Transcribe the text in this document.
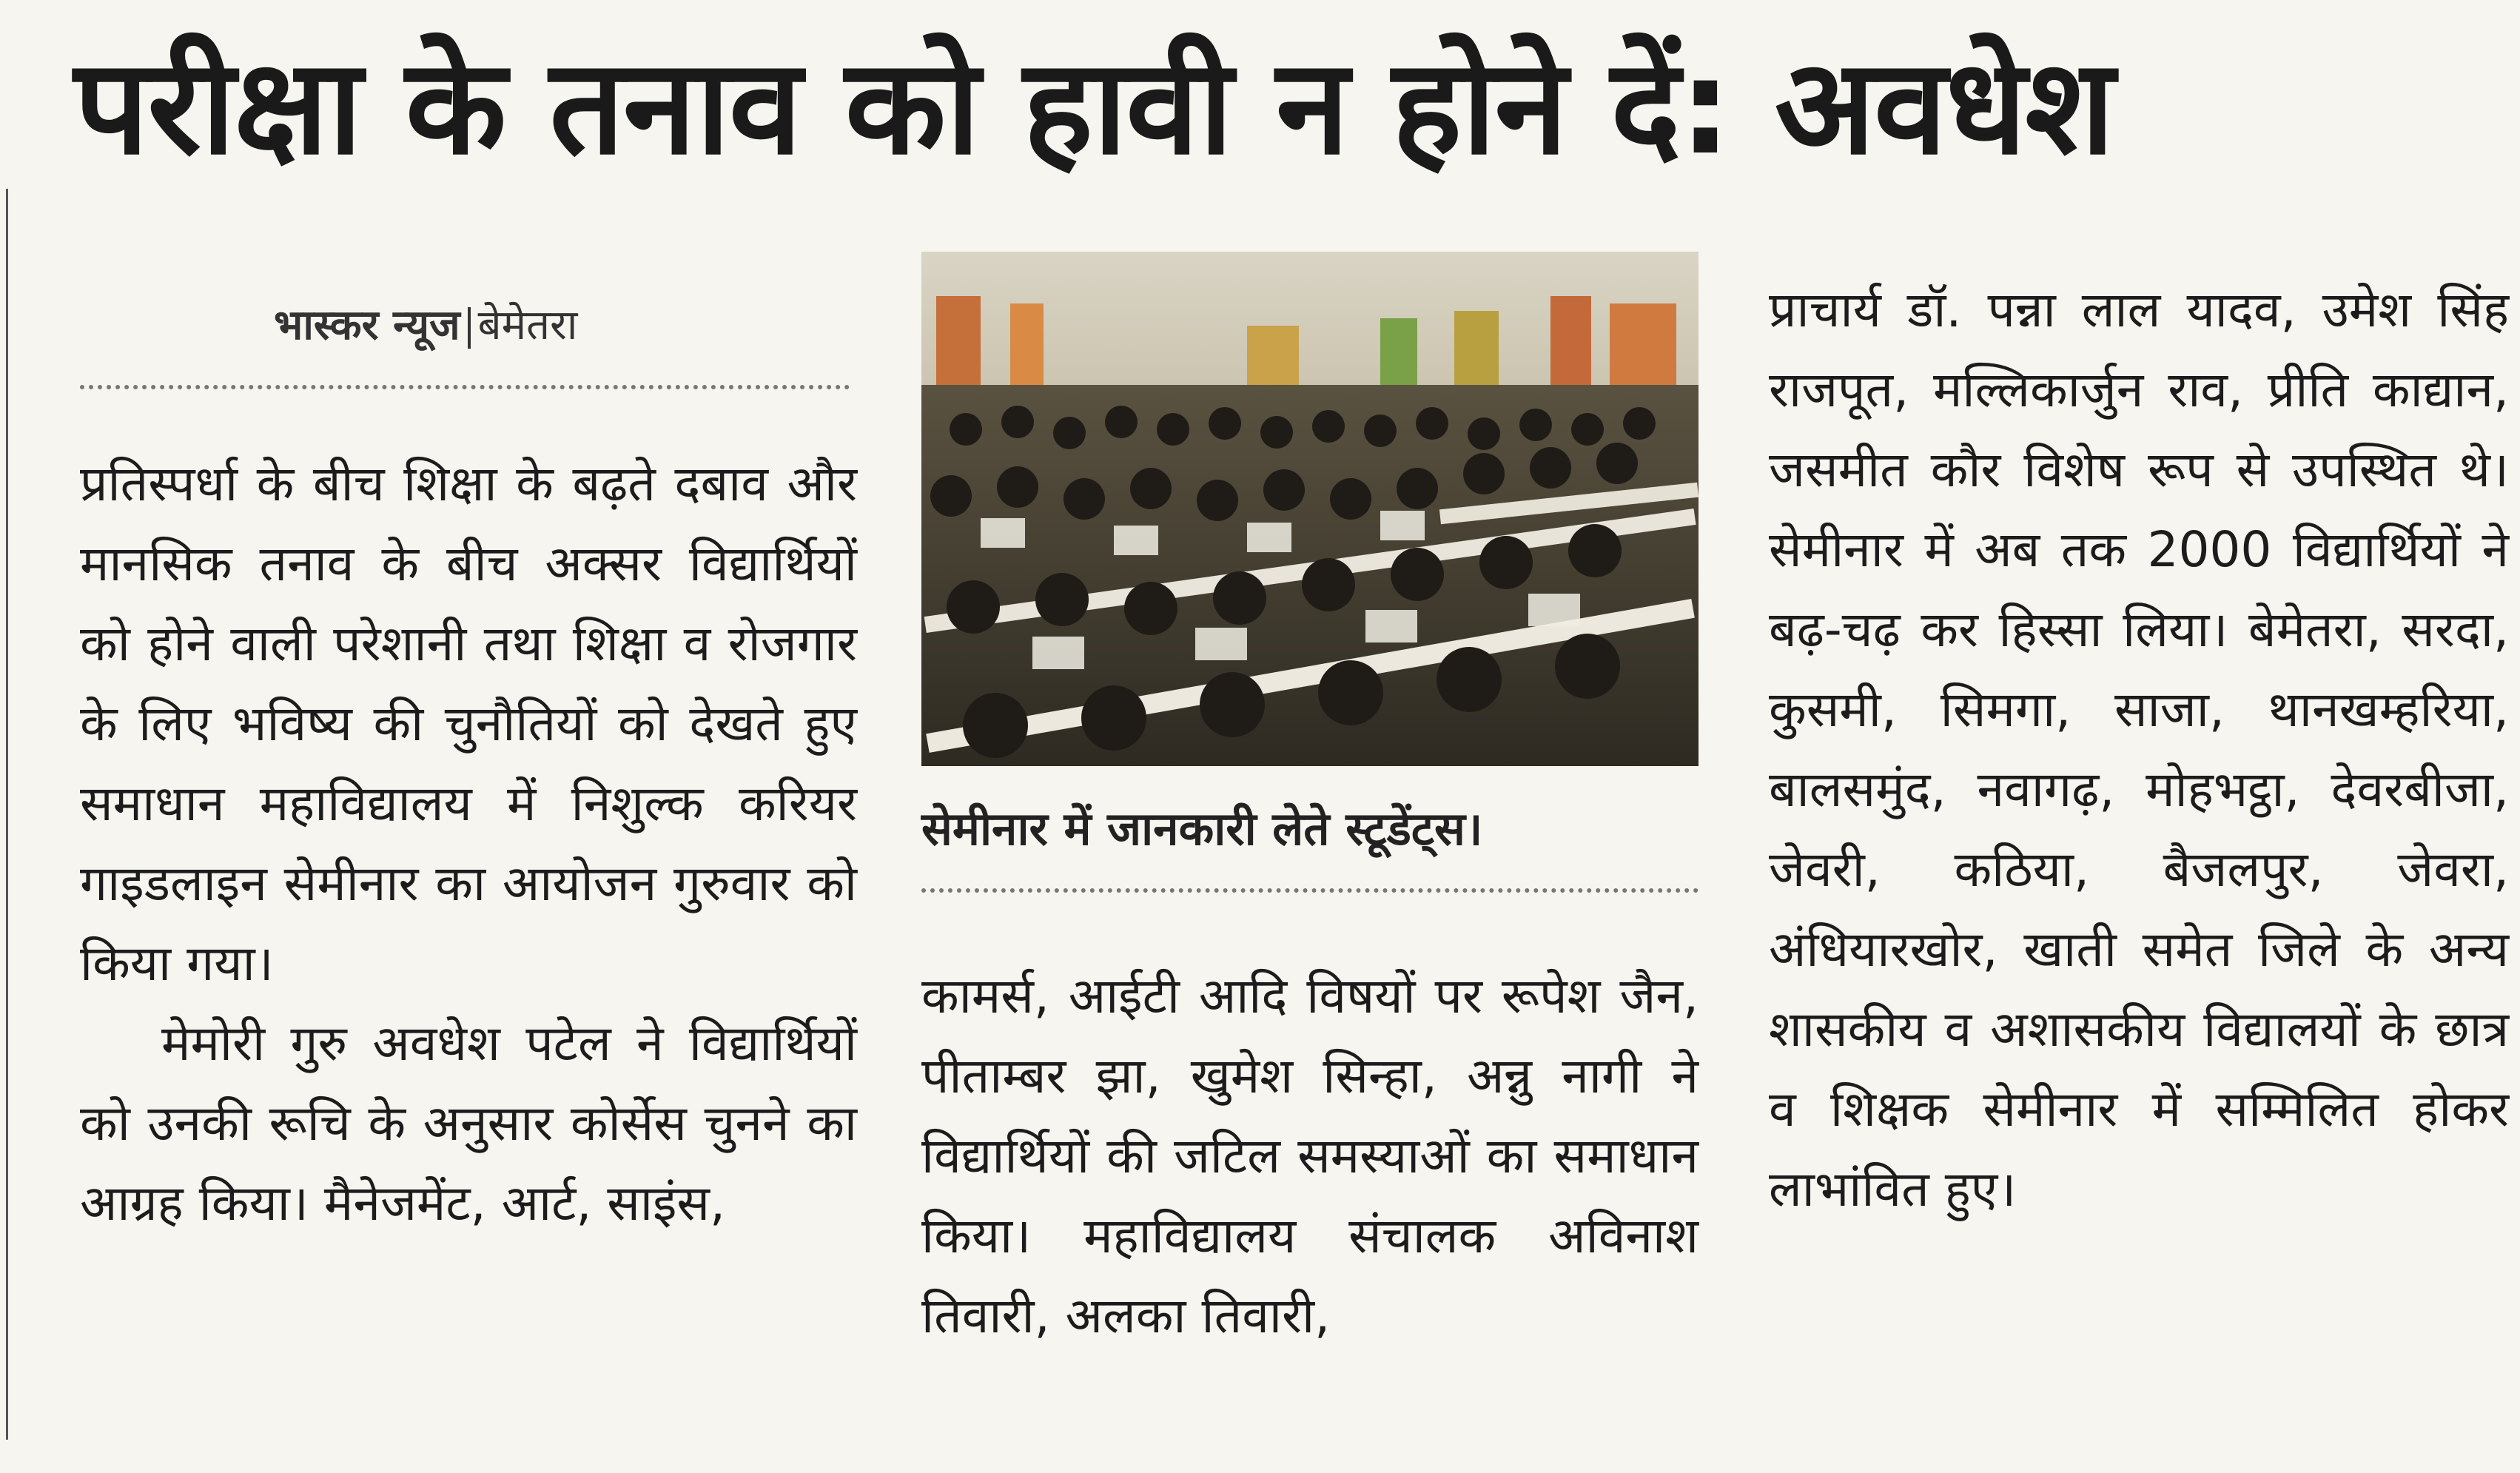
परीक्षा के तनाव को हावी न होने दें: अवधेश
भास्कर न्यूज बेमेतरा

प्रतिस्पर्धा के बीच शिक्षा के बढ़ते दबाव और मानसिक तनाव के बीच अक्सर विद्यार्थियों को होने वाली परेशानी तथा शिक्षा व रोजगार के लिए भविष्य की चुनौतियों को देखते हुए समाधान महाविद्यालय में निशुल्क करियर गाइडलाइन सेमीनार का आयोजन गुरुवार को किया गया।

मेमोरी गुरु अवधेश पटेल ने विद्यार्थियों को उनकी रूचि के अनुसार कोर्सेस चुनने का आग्रह किया। मैनेजमेंट, आर्ट, साइंस,

सेमीनार में जानकारी लेते स्टूडेंट्स।

कामर्स, आईटी आदि विषयों पर रूपेश जैन, पीताम्बर झा, खुमेश सिन्हा, अन्नु नागी ने विद्यार्थियों की जटिल समस्याओं का समाधान किया। महाविद्यालय संचालक अविनाश तिवारी, अलका तिवारी,

प्राचार्य डॉ. पन्ना लाल यादव, उमेश सिंह राजपूत, मल्लिकार्जुन राव, प्रीति काद्यान, जसमीत कौर विशेष रूप से उपस्थित थे। सेमीनार में अब तक 2000 विद्यार्थियों ने बढ़-चढ़ कर हिस्सा लिया। बेमेतरा, सरदा, कुसमी, सिमगा, साजा, थानखम्हरिया, बालसमुंद, नवागढ़, मोहभट्ठा, देवरबीजा, जेवरी, कठिया, बैजलपुर, जेवरा, अंधियारखोर, खाती समेत जिले के अन्य शासकीय व अशासकीय विद्यालयों के छात्र व शिक्षक सेमीनार में सम्मिलित होकर लाभांवित हुए।
